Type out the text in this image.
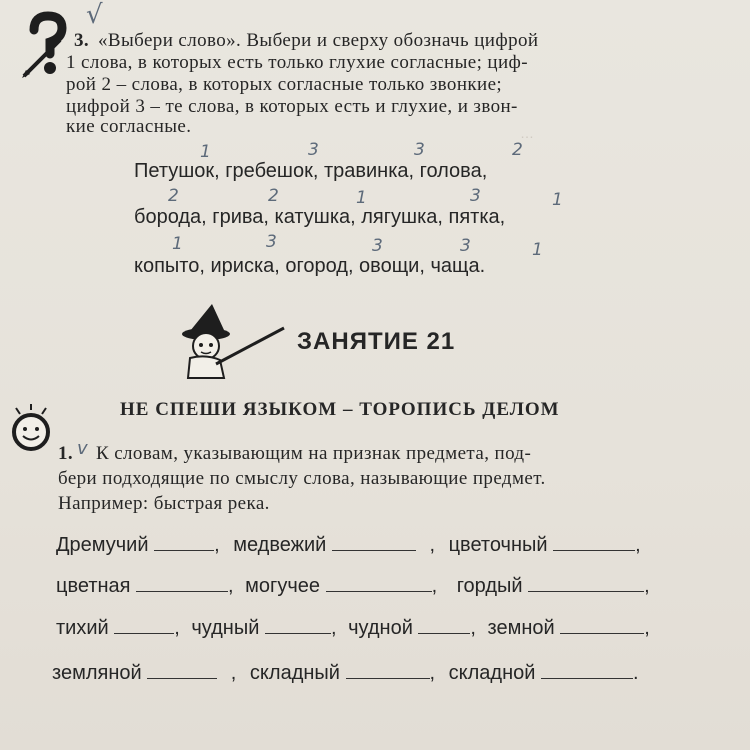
…
3.
√
«Выбери слово». Выбери и сверху обозначь цифрой
1 слова, в которых есть только глухие согласные; циф-
рой 2 – слова, в которых согласные только звонкие;
цифрой 3 – те слова, в которых есть и глухие, и звон-
кие согласные.
Петушок, гребешок, травинка, голова,
борода, грива, катушка, лягушка, пятка,
копыто, ириска, огород, овощи, чаща.
1	3	3	2
2	2	1	3	1
1	3	3	3	1
ЗАНЯТИЕ 21
НЕ СПЕШИ ЯЗЫКОМ – ТОРОПИСЬ ДЕЛОМ
1. v К словам, указывающим на признак предмета, под-
бери подходящие по смыслу слова, называющие предмет.
Например: быстрая река.
Дремучий	, медвежий	, цветочный	,
цветная	, могучее	, гордый	,
тихий	, чудный	, чудной	, земной	,
земляной	, складный	, складной	.
